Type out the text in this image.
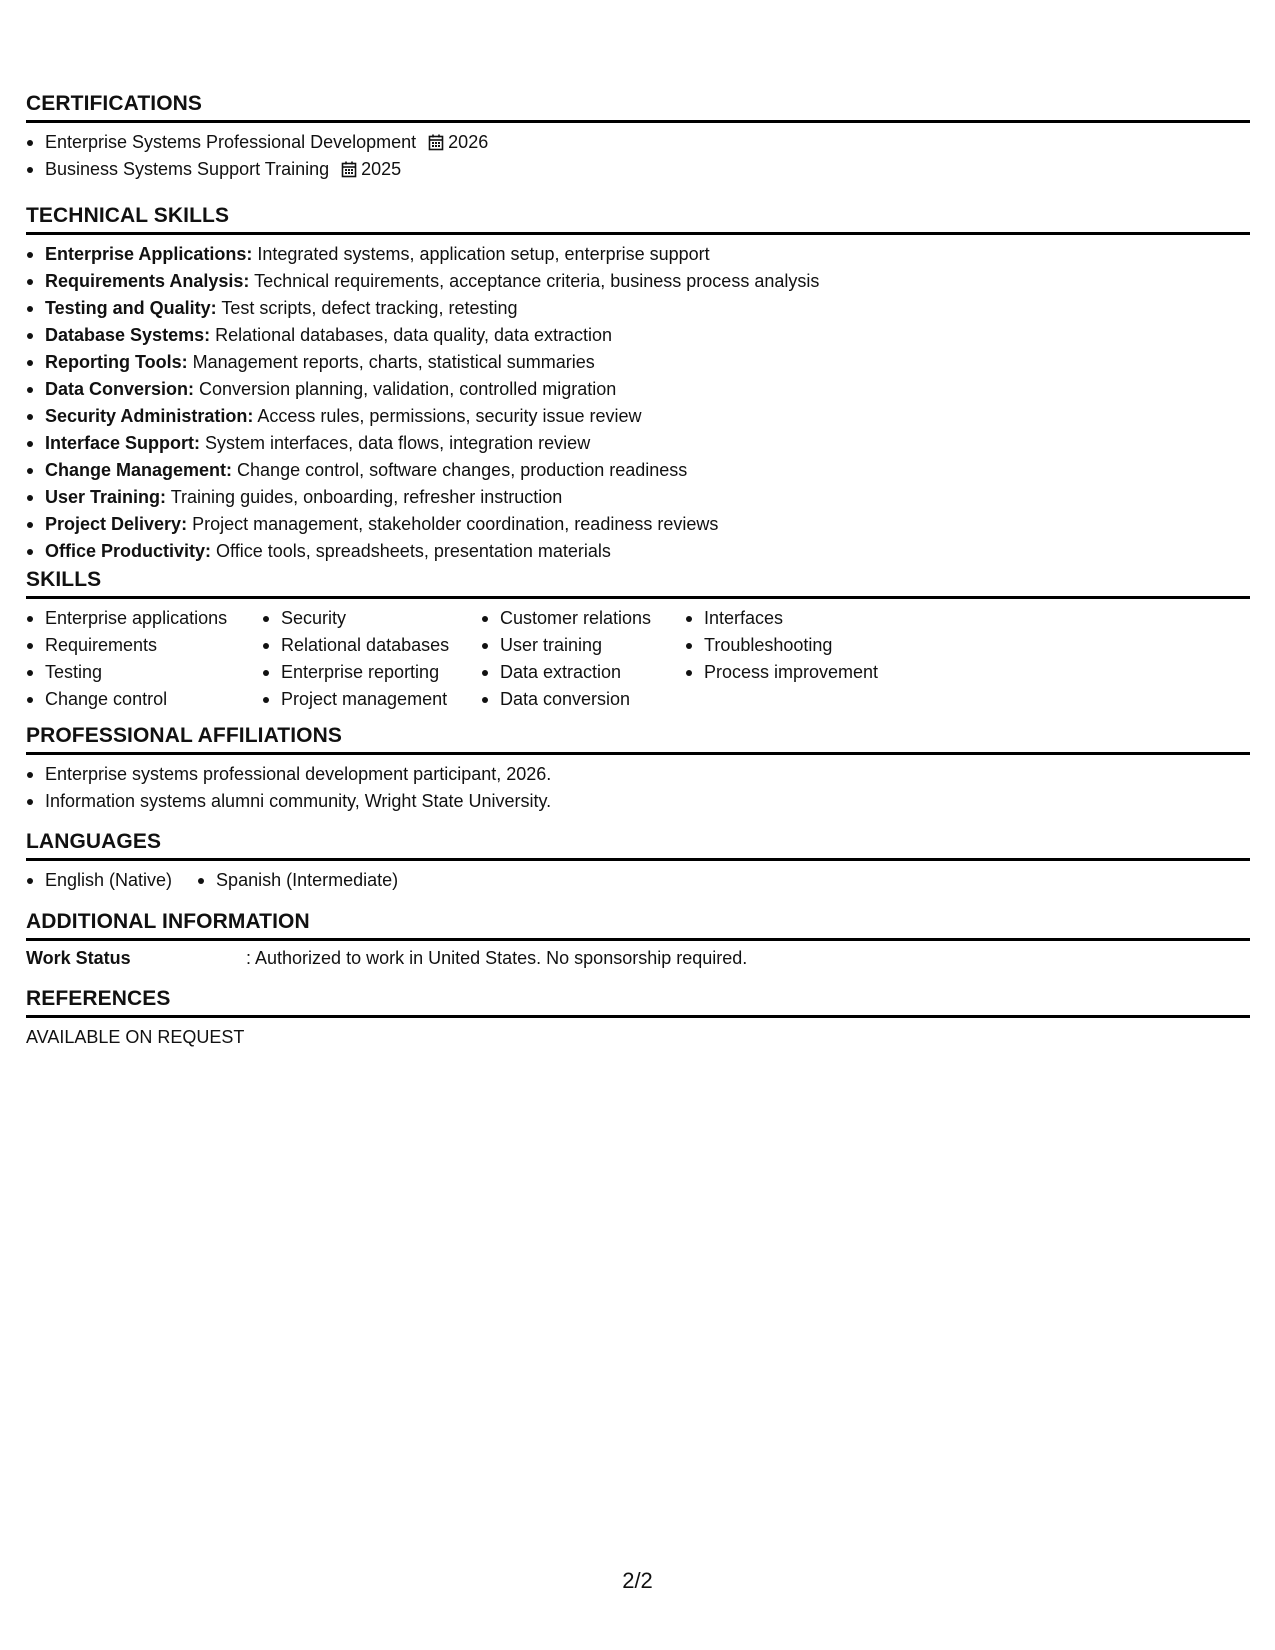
CERTIFICATIONS
Enterprise Systems Professional Development 2026
Business Systems Support Training 2025
TECHNICAL SKILLS
Enterprise Applications: Integrated systems, application setup, enterprise support
Requirements Analysis: Technical requirements, acceptance criteria, business process analysis
Testing and Quality: Test scripts, defect tracking, retesting
Database Systems: Relational databases, data quality, data extraction
Reporting Tools: Management reports, charts, statistical summaries
Data Conversion: Conversion planning, validation, controlled migration
Security Administration: Access rules, permissions, security issue review
Interface Support: System interfaces, data flows, integration review
Change Management: Change control, software changes, production readiness
User Training: Training guides, onboarding, refresher instruction
Project Delivery: Project management, stakeholder coordination, readiness reviews
Office Productivity: Office tools, spreadsheets, presentation materials
SKILLS
Enterprise applications
Requirements
Testing
Change control
Security
Relational databases
Enterprise reporting
Project management
Customer relations
User training
Data extraction
Data conversion
Interfaces
Troubleshooting
Process improvement
PROFESSIONAL AFFILIATIONS
Enterprise systems professional development participant, 2026.
Information systems alumni community, Wright State University.
LANGUAGES
English (Native)	Spanish (Intermediate)
ADDITIONAL INFORMATION
Work Status	: Authorized to work in United States. No sponsorship required.
REFERENCES
AVAILABLE ON REQUEST
2/2
